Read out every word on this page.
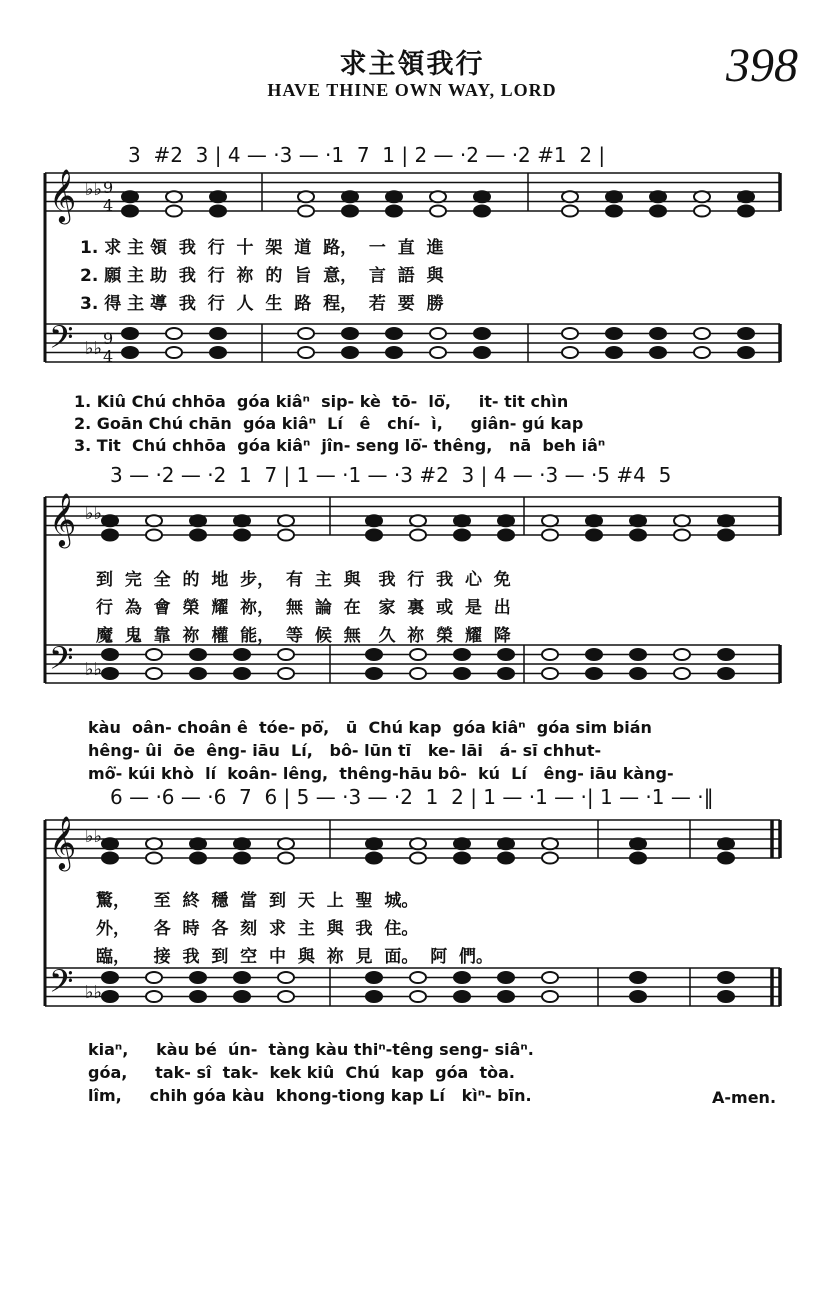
求主領我行
HAVE THINE OWN WAY, LORD	398
𝄞
𝄢
♭♭
♭♭
9
4
9
4
𝄞
𝄢
♭♭
♭♭
𝄞
𝄢
♭♭
♭♭
3  #2  3 | 4 — ·3 — ·1  7  1 | 2 — ·2 — ·2 #1  2 |
1. 求 主 領  我  行  十  架  道  路，  一  直  進
2. 願 主 助  我  行  祢  的  旨  意，  言  語  與
3. 得 主 導  我  行  人  生  路  程，  若  要  勝
1. Kiû Chú chhōa  góa kiâⁿ  sip- kè  tō-  lō͘,     it- tit chìn
2. Goān Chú chān  góa kiâⁿ  Lí   ê   chí-  ì,     giân- gú kap
3. Tit  Chú chhōa  góa kiâⁿ  jîn- seng lō͘- thêng,   nā  beh iâⁿ
3 — ·2 — ·2  1  7 | 1 — ·1 — ·3 #2  3 | 4 — ·3 — ·5 #4  5
到  完  全  的  地  步，  有  主  與   我  行  我  心  免
行  為  會  榮  耀  祢，  無  論  在   家  裏  或  是  出
魔  鬼  靠  祢  權  能，  等  候  無   久  祢  榮  耀  降
kàu  oân- choân ê  tóe- pō͘,   ū  Chú kap  góa kiâⁿ  góa sim bián
hêng- ûi  ōe  êng- iāu  Lí,   bô- lūn tī   ke- lāi   á- sī chhut-
mô͘- kúi khò  lí  koân- lêng,  thêng-hāu bô-  kú  Lí   êng- iāu kàng-
6 — ·6 — ·6  7  6 | 5 — ·3 — ·2  1  2 | 1 — ·1 — ·| 1 — ·1 — ·‖
驚，    至  終  穩  當  到  天  上  聖  城。
外，    各  時  各  刻  求  主  與  我  住。
臨，    接  我  到  空  中  與  祢  見  面。  阿  們。
kiaⁿ,     kàu bé  ún-  tàng kàu thiⁿ-têng seng- siâⁿ.
góa,     tak- sî  tak-  kek kiû  Chú  kap  góa  tòa.
lîm,     chih góa kàu  khong-tiong kap Lí   kìⁿ- bīn.	A-men.
